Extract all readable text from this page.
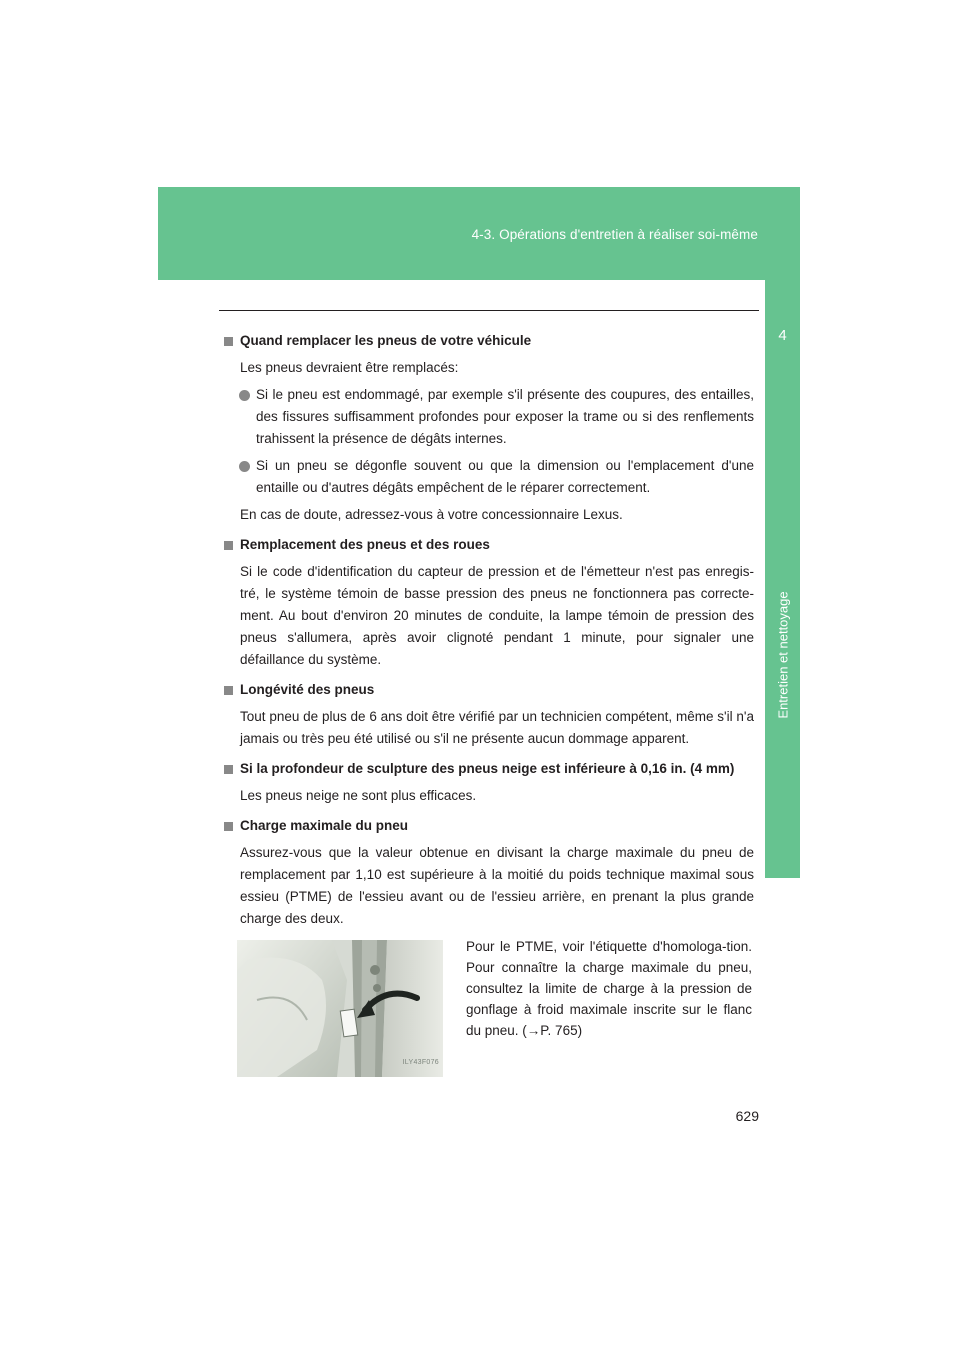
4-3. Opérations d'entretien à réaliser soi-même
4
Entretien et nettoyage

Quand remplacer les pneus de votre véhicule

Les pneus devraient être remplacés:

Si le pneu est endommagé, par exemple s'il présente des coupures, des entailles, des fissures suffisamment profondes pour exposer la trame ou si des renflements trahissent la présence de dégâts internes.
Si un pneu se dégonfle souvent ou que la dimension ou l'emplacement d'une entaille ou d'autres dégâts empêchent de le réparer correctement.

En cas de doute, adressez-vous à votre concessionnaire Lexus.

Remplacement des pneus et des roues

Si le code d'identification du capteur de pression et de l'émetteur n'est pas enregis-tré, le système témoin de basse pression des pneus ne fonctionnera pas correcte-ment. Au bout d'environ 20 minutes de conduite, la lampe témoin de pression des pneus s'allumera, après avoir clignoté pendant 1 minute, pour signaler une défaillance du système.

Longévité des pneus

Tout pneu de plus de 6 ans doit être vérifié par un technicien compétent, même s'il n'a jamais ou très peu été utilisé ou s'il ne présente aucun dommage apparent.

Si la profondeur de sculpture des pneus neige est inférieure à 0,16 in. (4 mm)

Les pneus neige ne sont plus efficaces.

Charge maximale du pneu

Assurez-vous que la valeur obtenue en divisant la charge maximale du pneu de remplacement par 1,10 est supérieure à la moitié du poids technique maximal sous essieu (PTME) de l'essieu avant ou de l'essieu arrière, en prenant la plus grande charge des deux.

ILY43F076
Pour le PTME, voir l'étiquette d'homologa-tion. Pour connaître la charge maximale du pneu, consultez la limite de charge à la pression de gonflage à froid maximale inscrite sur le flanc du pneu. (→P. 765)
629
